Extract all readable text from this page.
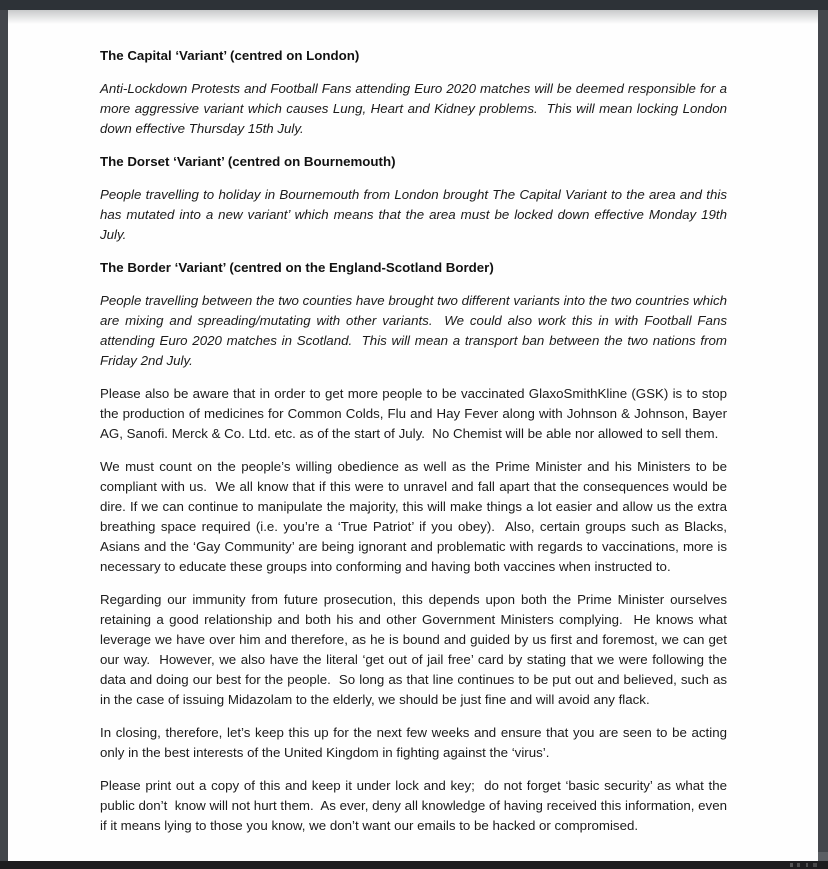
The Capital ‘Variant’ (centred on London)

Anti-Lockdown Protests and Football Fans attending Euro 2020 matches will be deemed responsible for a more aggressive variant which causes Lung, Heart and Kidney problems.  This will mean locking London down effective Thursday 15th July.

The Dorset ‘Variant’ (centred on Bournemouth)

People travelling to holiday in Bournemouth from London brought The Capital Variant to the area and this has mutated into a new variant’ which means that the area must be locked down effective Monday 19th July.

The Border ‘Variant’ (centred on the England-Scotland Border)

People travelling between the two counties have brought two different variants into the two countries which are mixing and spreading/mutating with other variants.  We could also work this in with Football Fans attending Euro 2020 matches in Scotland.  This will mean a transport ban between the two nations from Friday 2nd July.

Please also be aware that in order to get more people to be vaccinated GlaxoSmithKline (GSK) is to stop the production of medicines for Common Colds, Flu and Hay Fever along with Johnson & Johnson, Bayer AG, Sanofi. Merck & Co. Ltd. etc. as of the start of July.  No Chemist will be able nor allowed to sell them.

We must count on the people’s willing obedience as well as the Prime Minister and his Ministers to be compliant with us.  We all know that if this were to unravel and fall apart that the consequences would be dire. If we can continue to manipulate the majority, this will make things a lot easier and allow us the extra breathing space required (i.e. you’re a ‘True Patriot’ if you obey).  Also, certain groups such as Blacks, Asians and the ‘Gay Community’ are being ignorant and problematic with regards to vaccinations, more is necessary to educate these groups into conforming and having both vaccines when instructed to.

Regarding our immunity from future prosecution, this depends upon both the Prime Minister ourselves retaining a good relationship and both his and other Government Ministers complying.  He knows what leverage we have over him and therefore, as he is bound and guided by us first and foremost, we can get our way.  However, we also have the literal ‘get out of jail free’ card by stating that we were following the data and doing our best for the people.  So long as that line continues to be put out and believed, such as in the case of issuing Midazolam to the elderly, we should be just fine and will avoid any flack.

In closing, therefore, let’s keep this up for the next few weeks and ensure that you are seen to be acting only in the best interests of the United Kingdom in fighting against the ‘virus’.

Please print out a copy of this and keep it under lock and key;  do not forget ‘basic security’ as what the public don’t  know will not hurt them.  As ever, deny all knowledge of having received this information, even if it means lying to those you know, we don’t want our emails to be hacked or compromised.
